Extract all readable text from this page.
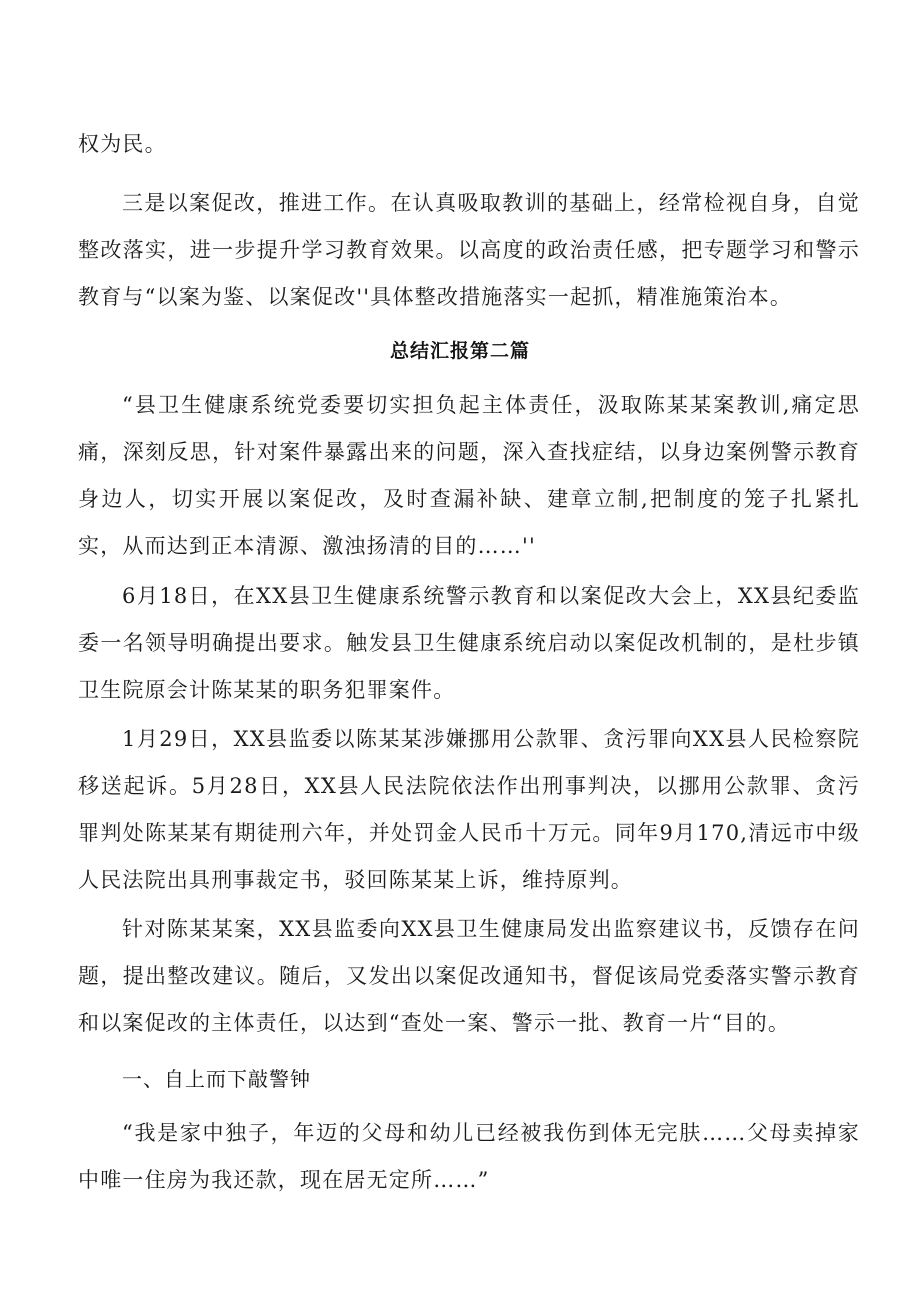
权为民。

三是以案促改，推进工作。在认真吸取教训的基础上，经常检视自身，自觉整改落实，进一步提升学习教育效果。以高度的政治责任感，把专题学习和警示教育与“以案为鉴、以案促改''具体整改措施落实一起抓，精准施策治本。

总结汇报第二篇

“县卫生健康系统党委要切实担负起主体责任，汲取陈某某案教训,痛定思痛，深刻反思，针对案件暴露出来的问题，深入查找症结，以身边案例警示教育身边人，切实开展以案促改，及时查漏补缺、建章立制,把制度的笼子扎紧扎实，从而达到正本清源、激浊扬清的目的……''

6月18日，在XX县卫生健康系统警示教育和以案促改大会上，XX县纪委监委一名领导明确提出要求。触发县卫生健康系统启动以案促改机制的，是杜步镇卫生院原会计陈某某的职务犯罪案件。

1月29日，XX县监委以陈某某涉嫌挪用公款罪、贪污罪向XX县人民检察院移送起诉。5月28日，XX县人民法院依法作出刑事判决，以挪用公款罪、贪污罪判处陈某某有期徒刑六年，并处罚金人民币十万元。同年9月170,清远市中级人民法院出具刑事裁定书，驳回陈某某上诉，维持原判。

针对陈某某案，XX县监委向XX县卫生健康局发出监察建议书，反馈存在问题，提出整改建议。随后，又发出以案促改通知书，督促该局党委落实警示教育和以案促改的主体责任，以达到“查处一案、警示一批、教育一片“目的。

一、自上而下敲警钟

“我是家中独子，年迈的父母和幼儿已经被我伤到体无完肤……父母卖掉家中唯一住房为我还款，现在居无定所……”
